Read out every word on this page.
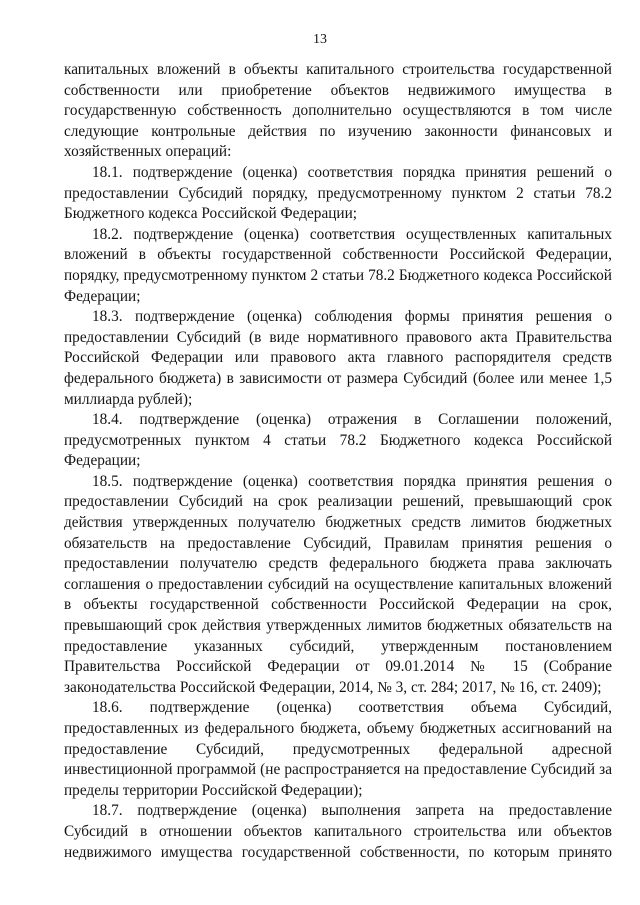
13

капитальных вложений в объекты капитального строительства государственной собственности или приобретение объектов недвижимого имущества в государственную собственность дополнительно осуществляются в том числе следующие контрольные действия по изучению законности финансовых и хозяйственных операций:

18.1. подтверждение (оценка) соответствия порядка принятия решений о предоставлении Субсидий порядку, предусмотренному пунктом 2 статьи 78.2 Бюджетного кодекса Российской Федерации;

18.2. подтверждение (оценка) соответствия осуществленных капитальных вложений в объекты государственной собственности Российской Федерации, порядку, предусмотренному пунктом 2 статьи 78.2 Бюджетного кодекса Российской Федерации;

18.3. подтверждение (оценка) соблюдения формы принятия решения о предоставлении Субсидий (в виде нормативного правового акта Правительства Российской Федерации или правового акта главного распорядителя средств федерального бюджета) в зависимости от размера Субсидий (более или менее 1,5 миллиарда рублей);

18.4. подтверждение (оценка) отражения в Соглашении положений, предусмотренных пунктом 4 статьи 78.2 Бюджетного кодекса Российской Федерации;

18.5. подтверждение (оценка) соответствия порядка принятия решения о предоставлении Субсидий на срок реализации решений, превышающий срок действия утвержденных получателю бюджетных средств лимитов бюджетных обязательств на предоставление Субсидий, Правилам принятия решения о предоставлении получателю средств федерального бюджета права заключать соглашения о предоставлении субсидий на осуществление капитальных вложений в объекты государственной собственности Российской Федерации на срок, превышающий срок действия утвержденных лимитов бюджетных обязательств на предоставление указанных субсидий, утвержденным постановлением Правительства Российской Федерации от 09.01.2014 № 15 (Собрание законодательства Российской Федерации, 2014, № 3, ст. 284; 2017, № 16, ст. 2409);

18.6. подтверждение (оценка) соответствия объема Субсидий, предоставленных из федерального бюджета, объему бюджетных ассигнований на предоставление Субсидий, предусмотренных федеральной адресной инвестиционной программой (не распространяется на предоставление Субсидий за пределы территории Российской Федерации);

18.7. подтверждение (оценка) выполнения запрета на предоставление Субсидий в отношении объектов капитального строительства или объектов недвижимого имущества государственной собственности, по которым принято
